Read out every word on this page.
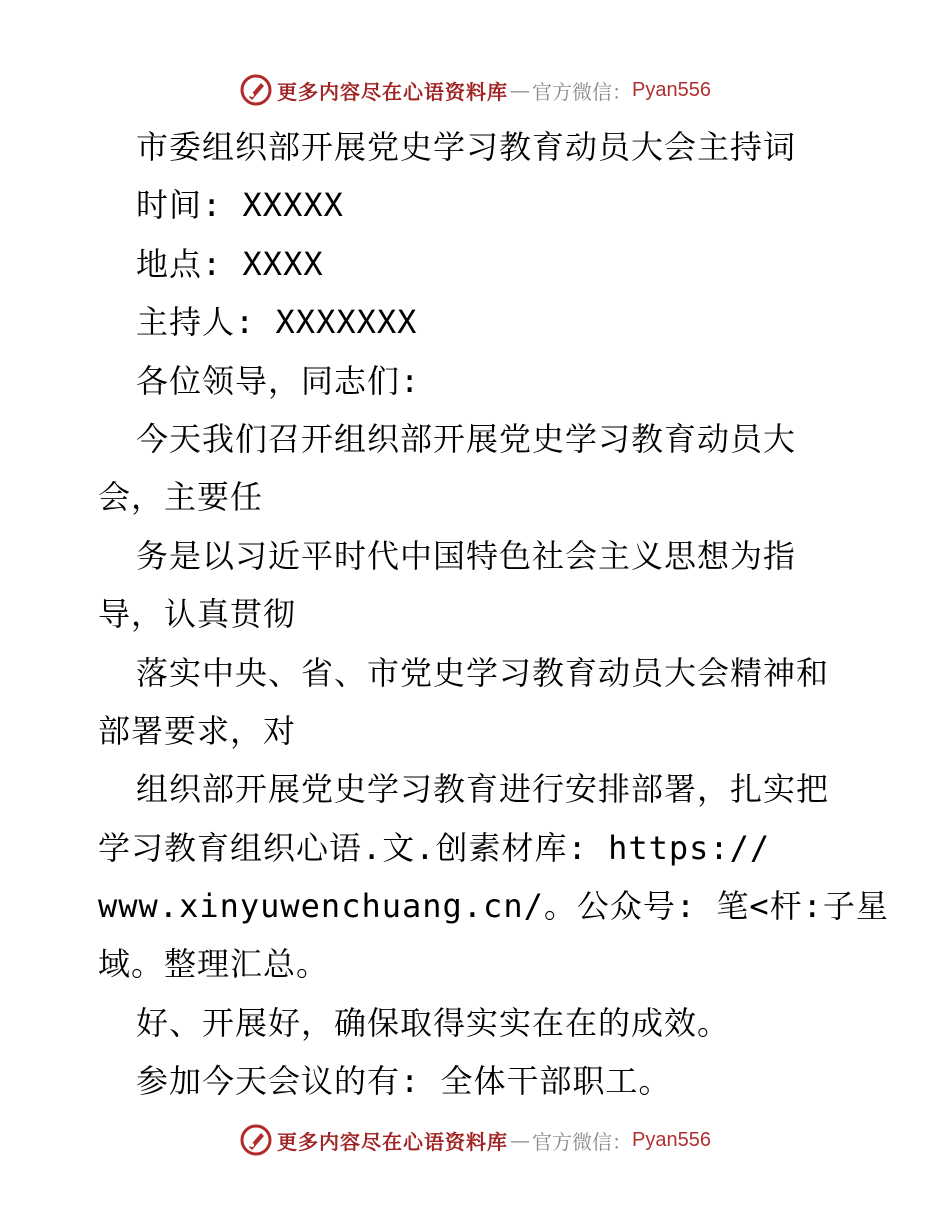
更多内容尽在心语资料库 — 官方微信： Pyan556
市委组织部开展党史学习教育动员大会主持词
时间: XXXXX
地点: XXXX
主持人: XXXXXXX
各位领导，同志们:
今天我们召开组织部开展党史学习教育动员大
会，主要任
务是以习近平时代中国特色社会主义思想为指
导，认真贯彻
落实中央、省、市党史学习教育动员大会精神和
部署要求，对
组织部开展党史学习教育进行安排部署，扎实把
学习教育组织心语.文.创素材库: https://
www.xinyuwenchuang.cn/。公众号: 笔<杆:子星
域。整理汇总。
好、开展好，确保取得实实在在的成效。
参加今天会议的有: 全体干部职工。
更多内容尽在心语资料库 — 官方微信： Pyan556
